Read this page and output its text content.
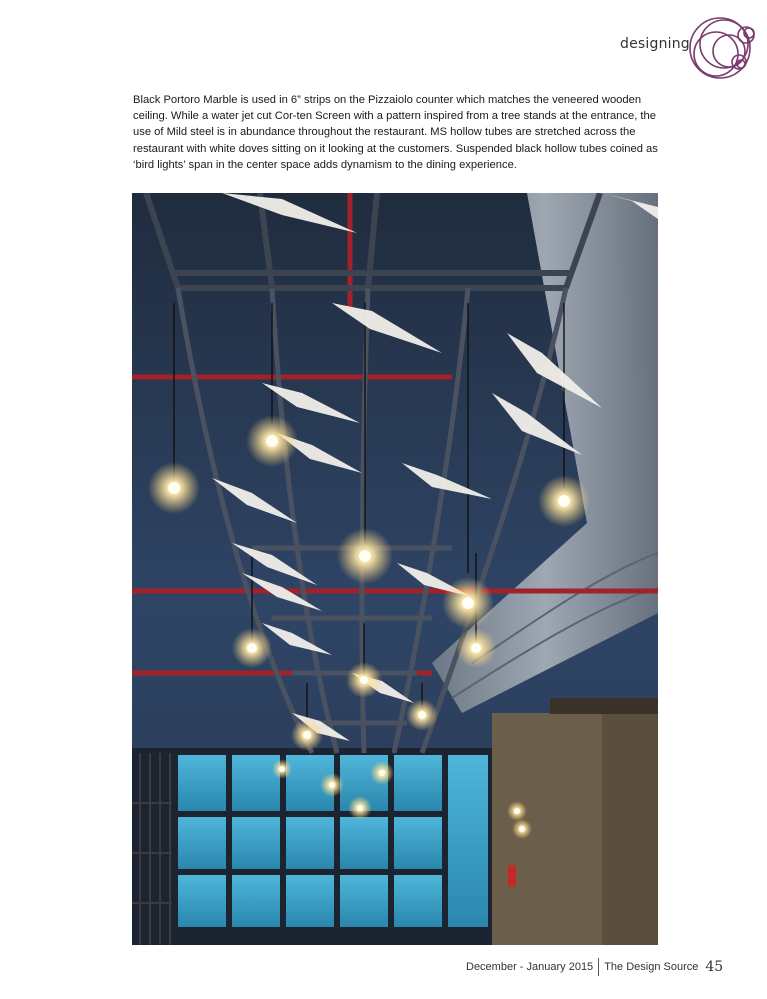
designing

Black Portoro Marble is used in 6” strips on the Pizzaiolo counter which matches the veneered wooden ceiling. While a water jet cut Cor-ten Screen with a pattern inspired from a tree stands at the entrance, the use of Mild steel is in abundance throughout the restaurant. MS hollow tubes are stretched across the restaurant with white doves sitting on it looking at the customers. Suspended black hollow tubes coined as ‘bird lights’ span in the center space adds dynamism to the dining experience.

December - January 2015 The Design Source 45
